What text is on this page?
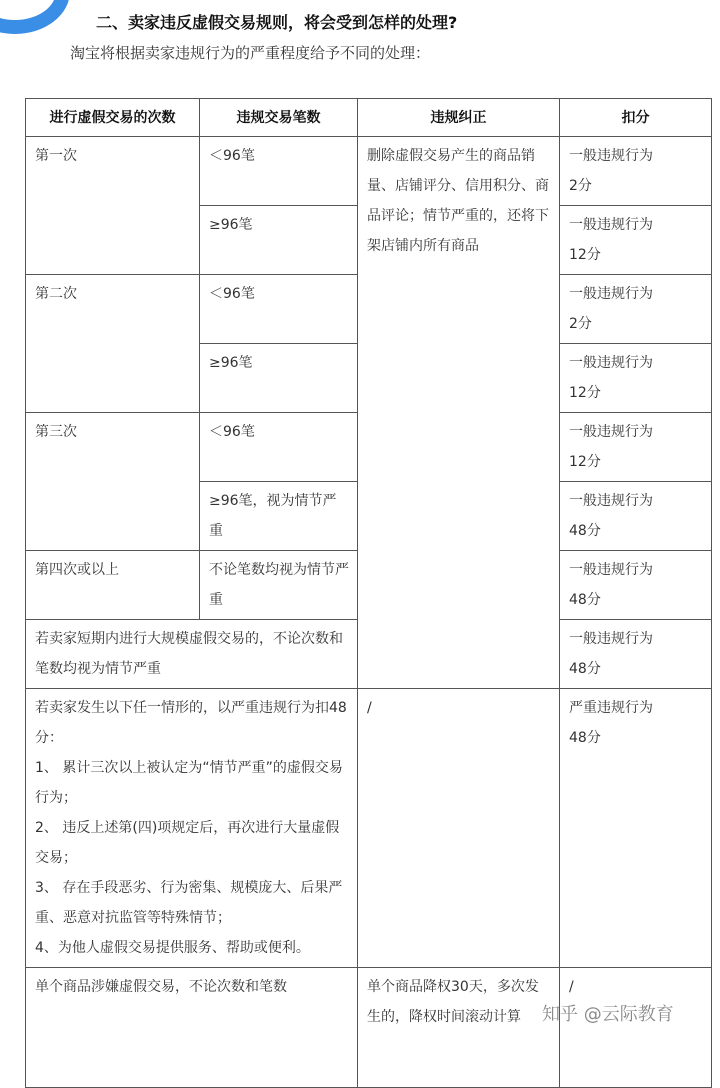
二、卖家违反虚假交易规则，将会受到怎样的处理?
淘宝将根据卖家违规行为的严重程度给予不同的处理：
进行虚假交易的次数	违规交易笔数	违规纠正	扣分
第一次	＜96笔	删除虚假交易产生的商品销量、店铺评分、信用积分、商品评论；情节严重的，还将下架店铺内所有商品	一般违规行为
2分

	≥96笔		一般违规行为
12分

第二次	＜96笔		一般违规行为
2分

	≥96笔		一般违规行为
12分

第三次	＜96笔		一般违规行为
12分

	≥96笔，视为情节严重		一般违规行为
48分

第四次或以上	不论笔数均视为情节严重		一般违规行为
48分

若卖家短期内进行大规模虚假交易的，不论次数和笔数均视为情节严重			一般违规行为
48分

若卖家发生以下任一情形的，以严重违规行为扣48分：
1、 累计三次以上被认定为“情节严重”的虚假交易行为；
2、 违反上述第(四)项规定后，再次进行大量虚假交易；
3、 存在手段恶劣、行为密集、规模庞大、后果严重、恶意对抗监管等特殊情节；
4、为他人虚假交易提供服务、帮助或便利。		/	严重违规行为
48分

单个商品涉嫌虚假交易，不论次数和笔数		单个商品降权30天，多次发生的，降权时间滚动计算	/
知乎 @云际教育
